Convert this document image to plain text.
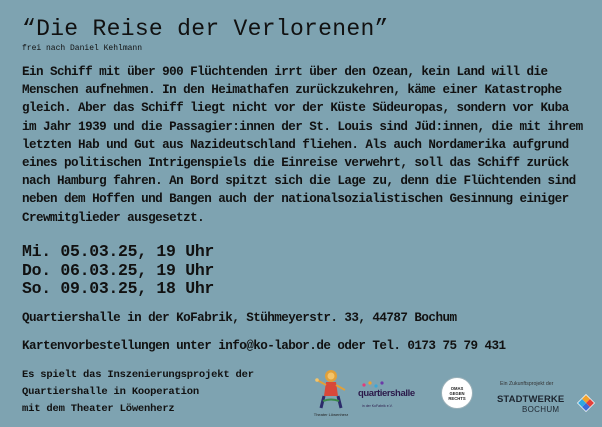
“Die Reise der Verlorenen”
frei nach Daniel Kehlmann
Ein Schiff mit über 900 Flüchtenden irrt über den Ozean, kein Land will die
Menschen aufnehmen. In den Heimathafen zurückzukehren, käme einer Katastrophe
gleich. Aber das Schiff liegt nicht vor der Küste Südeuropas, sondern vor Kuba
im Jahr 1939 und die Passagier:innen der St. Louis sind Jüd:innen, die mit ihrem
letzten Hab und Gut aus Nazideutschland fliehen. Als auch Nordamerika aufgrund
eines politischen Intrigenspiels die Einreise verwehrt, soll das Schiff zurück
nach Hamburg fahren. An Bord spitzt sich die Lage zu, denn die Flüchtenden sind
neben dem Hoffen und Bangen auch der nationalsozialistischen Gesinnung einiger
Crewmitglieder ausgesetzt.
Mi. 05.03.25, 19 Uhr
Do. 06.03.25, 19 Uhr
So. 09.03.25, 18 Uhr
Quartiershalle in der KoFabrik, Stühmeyerstr. 33, 44787 Bochum
Kartenvorbestellungen unter info@ko-labor.de oder Tel. 0173 75 79 431
Es spielt das Inszenierungsprojekt der
Quartiershalle in Kooperation
mit dem Theater Löwenherz	Theater Löwenherz
quartiershalle
in der KoFabrik e.V.
OMAS
GEGEN
RECHTS
Ein Zukunftsprojekt der
STADTWERKE
BOCHUM
